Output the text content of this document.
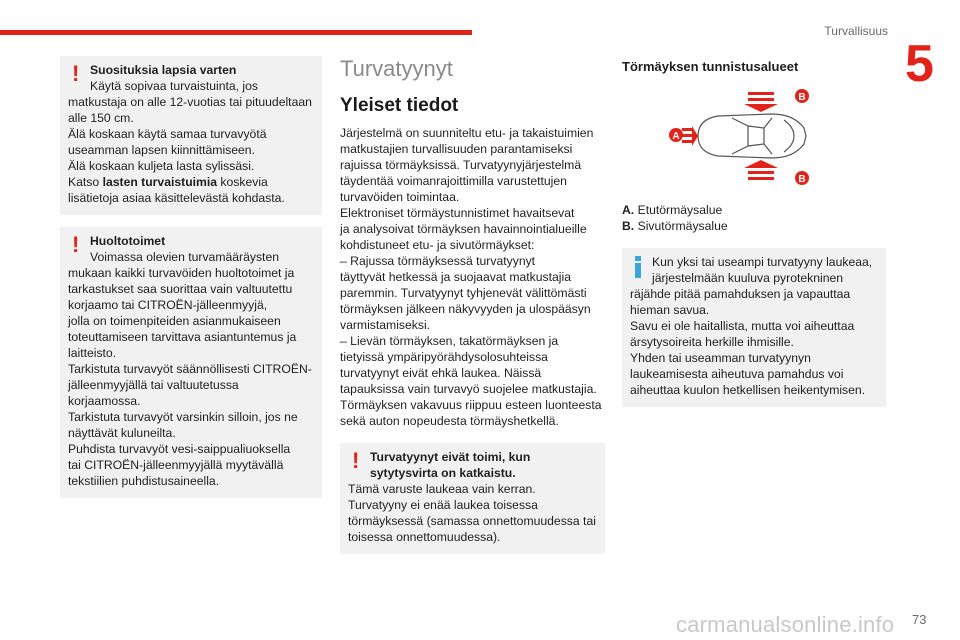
Turvallisuus
5
! Suosituksia lapsia varten

Käytä sopivaa turvaistuinta, jos

matkustaja on alle 12-vuotias tai pituudeltaan

alle 150 cm.

Älä koskaan käytä samaa turvavyötä

useamman lapsen kiinnittämiseen.

Älä koskaan kuljeta lasta sylissäsi.

Katso lasten turvaistuimia koskevia

lisätietoja asiaa käsittelevästä kohdasta.

! Huoltotoimet

Voimassa olevien turvamääräysten

mukaan kaikki turvavöiden huoltotoimet ja

tarkastukset saa suorittaa vain valtuutettu

korjaamo tai CITROËN-jälleenmyyjä,

jolla on toimenpiteiden asianmukaiseen

toteuttamiseen tarvittava asiantuntemus ja

laitteisto.

Tarkistuta turvavyöt säännöllisesti CITROËN-

jälleenmyyjällä tai valtuutetussa korjaamossa.

Tarkistuta turvavyöt varsinkin silloin, jos ne

näyttävät kuluneilta.

Puhdista turvavyöt vesi-saippualiuoksella

tai CITROËN-jälleenmyyjällä myytävällä

tekstiilien puhdistusaineella.

Turvatyynyt
Yleiset tiedot
Järjestelmä on suunniteltu etu- ja takaistuimien
matkustajien turvallisuuden parantamiseksi
rajuissa törmäyksissä. Turvatyynyjärjestelmä
täydentää voimanrajoittimilla varustettujen
turvavöiden toimintaa.
Elektroniset törmäystunnistimet havaitsevat
ja analysoivat törmäyksen havainnointialueille
kohdistuneet etu- ja sivutörmäykset:
– Rajussa törmäyksessä turvatyynyt
täyttyvät hetkessä ja suojaavat matkustajia
paremmin. Turvatyynyt tyhjenevät välittömästi
törmäyksen jälkeen näkyvyyden ja ulospääsyn
varmistamiseksi.
– Lievän törmäyksen, takatörmäyksen ja
tietyissä ympäripyörähdysolosuhteissa
turvatyynyt eivät ehkä laukea. Näissä
tapauksissa vain turvavyö suojelee matkustajia.
Törmäyksen vakavuus riippuu esteen luonteesta
sekä auton nopeudesta törmäyshetkellä.
! Turvatyynyt eivät toimi, kun

sytytysvirta on katkaistu.

Tämä varuste laukeaa vain kerran.

Turvatyyny ei enää laukea toisessa

törmäyksessä (samassa onnettomuudessa tai

toisessa onnettomuudessa).

Törmäyksen tunnistusalueet
A
B
B
A. Etutörmäysalue
B. Sivutörmäysalue

Kun yksi tai useampi turvatyyny laukeaa,

järjestelmään kuuluva pyrotekninen

räjähde pitää pamahduksen ja vapauttaa

hieman savua.

Savu ei ole haitallista, mutta voi aiheuttaa

ärsytysoireita herkille ihmisille.

Yhden tai useamman turvatyynyn

laukeamisesta aiheutuva pamahdus voi

aiheuttaa kuulon hetkellisen heikentymisen.

carmanualsonline.info 73
